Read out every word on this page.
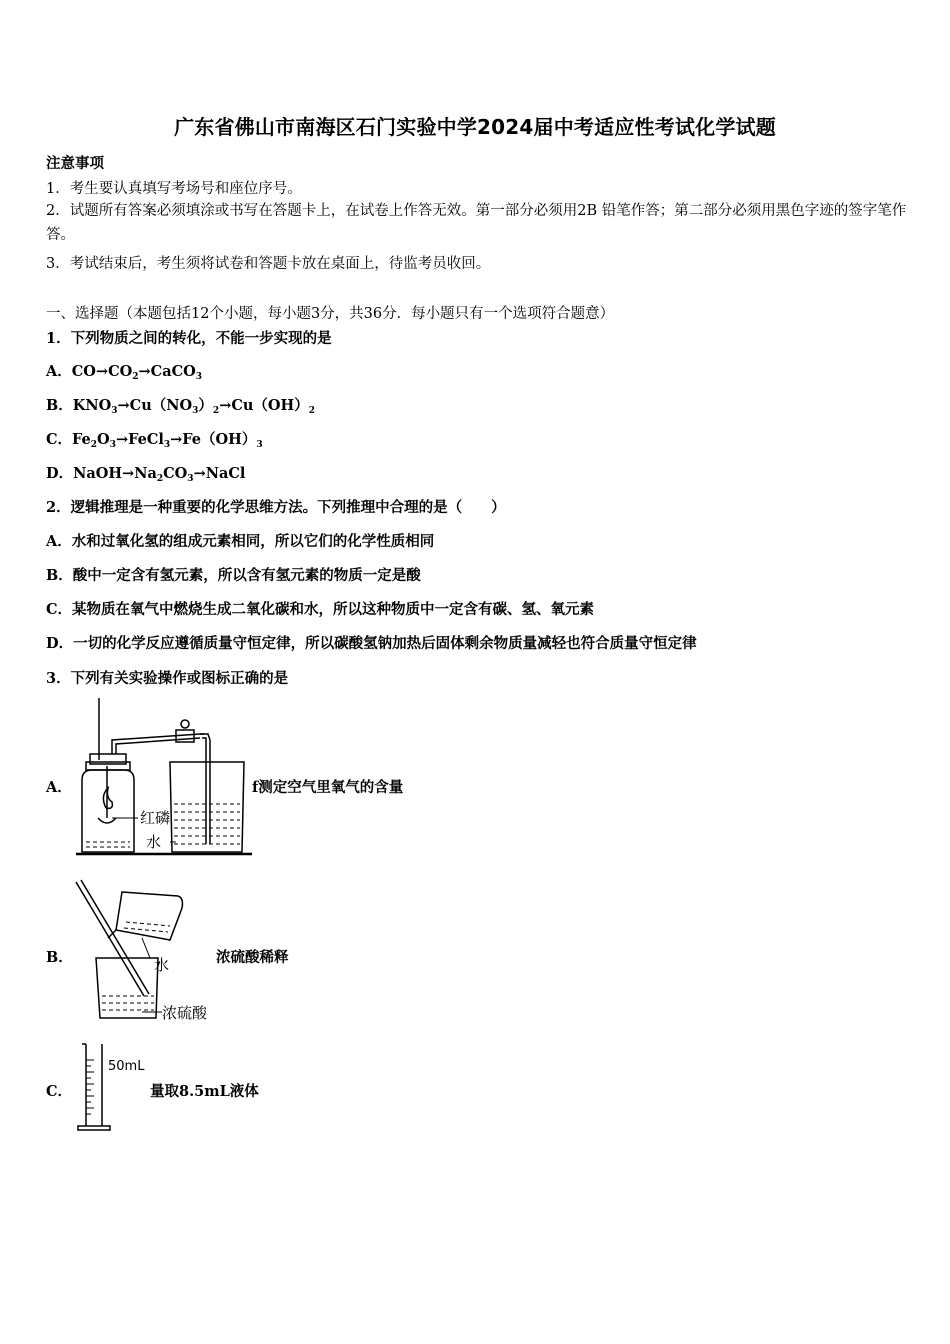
广东省佛山市南海区石门实验中学2024届中考适应性考试化学试题
注意事项
1．考生要认真填写考场号和座位序号。
2．试题所有答案必须填涂或书写在答题卡上，在试卷上作答无效。第一部分必须用2B 铅笔作答；第二部分必须用黑色字迹的签字笔作答。
3．考试结束后，考生须将试卷和答题卡放在桌面上，待监考员收回。
一、选择题（本题包括12个小题，每小题3分，共36分．每小题只有一个选项符合题意）
1．下列物质之间的转化，不能一步实现的是
A．$CO\to CO_2\to CaCO_3$
B．$KNO_3\to Cu(NO_3)_2\to Cu(OH)_2$
C．$Fe_2O_3\to FeCl_3\to Fe(OH)_3$
D．$NaOH\to Na_2CO_3\to NaCl$
2．逻辑推理是一种重要的化学思维方法。下列推理中合理的是（　　）
A．水和过氧化氢的组成元素相同，所以它们的化学性质相同
B．酸中一定含有氢元素，所以含有氢元素的物质一定是酸
C．某物质在氧气中燃烧生成二氧化碳和水，所以这种物质中一定含有碳、氢、氧元素
D．一切的化学反应遵循质量守恒定律，所以碳酸氢钠加热后固体剩余物质量减轻也符合质量守恒定律
3．下列有关实验操作或图标正确的是
A．
红磷
水
f测定空气里氧气的含量
B．	水
浓硫酸
浓硫酸稀释
C．
50mL
量取8.5mL液体
